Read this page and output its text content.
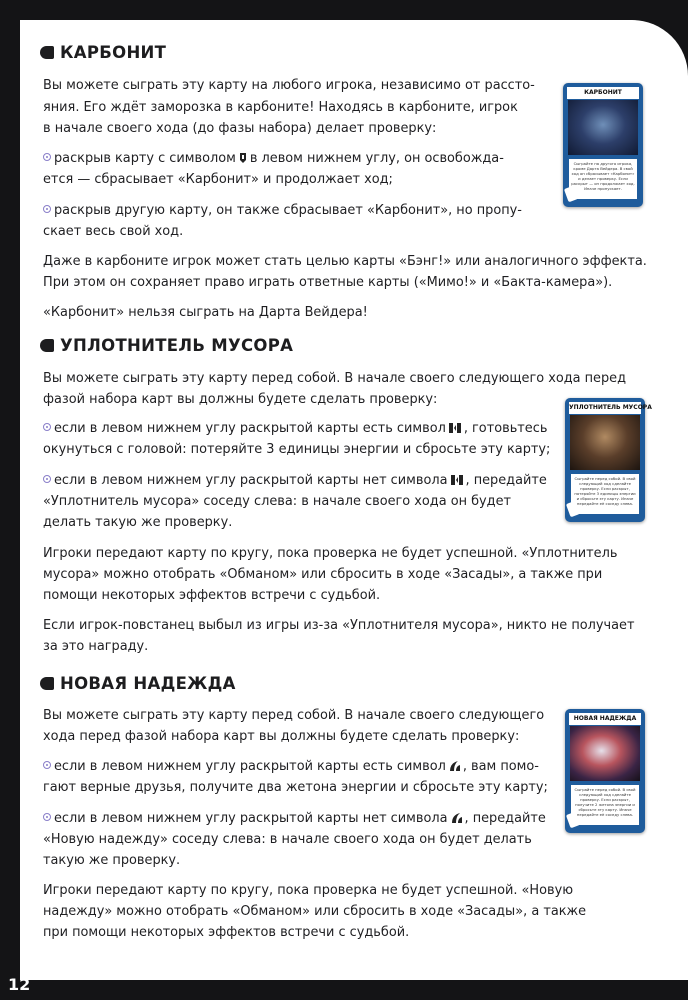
12
КАРБОНИТ

Вы можете сыграть эту карту на любого игрока, независимо от рассто-

яния. Его ждёт заморозка в карбоните! Находясь в карбоните, игрок

в начале своего хода (до фазы набора) делает проверку:

раскрыв карту с символом в левом нижнем углу, он освобожда-

ется — сбрасывает «Карбонит» и продолжает ход;

раскрыв другую карту, он также сбрасывает «Карбонит», но пропу-

скает весь свой ход.

Даже в карбоните игрок может стать целью карты «Бэнг!» или аналогичного эффекта.

При этом он сохраняет право играть ответные карты («Мимо!» и «Бакта-камера»).

«Карбонит» нельзя сыграть на Дарта Вейдера!

КАРБОНИТ
Сыграйте на другого игрока, кроме Дарта Вейдера. В свой ход он сбрасывает «Карбонит» и делает проверку. Если раскрыт — он продолжает ход. Иначе пропускает.
УПЛОТНИТЕЛЬ МУСОРА

Вы можете сыграть эту карту перед собой. В начале своего следующего хода перед

фазой набора карт вы должны будете сделать проверку:

если в левом нижнем углу раскрытой карты есть символ , готовьтесь

окунуться с головой: потеряйте 3 единицы энергии и сбросьте эту карту;

если в левом нижнем углу раскрытой карты нет символа , передайте

«Уплотнитель мусора» соседу слева: в начале своего хода он будет

делать такую же проверку.

Игроки передают карту по кругу, пока проверка не будет успешной. «Уплотнитель

мусора» можно отобрать «Обманом» или сбросить в ходе «Засады», а также при

помощи некоторых эффектов встречи с судьбой.

Если игрок-повстанец выбыл из игры из-за «Уплотнителя мусора», никто не получает

за это награду.

УПЛОТНИТЕЛЬ МУСОРА
Сыграйте перед собой. В свой следующий ход сделайте проверку. Если раскрыт, потеряйте 3 единицы энергии и сбросьте эту карту. Иначе передайте её соседу слева.
НОВАЯ НАДЕЖДА

Вы можете сыграть эту карту перед собой. В начале своего следующего

хода перед фазой набора карт вы должны будете сделать проверку:

если в левом нижнем углу раскрытой карты есть символ , вам помо-

гают верные друзья, получите два жетона энергии и сбросьте эту карту;

если в левом нижнем углу раскрытой карты нет символа , передайте

«Новую надежду» соседу слева: в начале своего хода он будет делать

такую же проверку.

Игроки передают карту по кругу, пока проверка не будет успешной. «Новую

надежду» можно отобрать «Обманом» или сбросить в ходе «Засады», а также

при помощи некоторых эффектов встречи с судьбой.

НОВАЯ НАДЕЖДА
Сыграйте перед собой. В свой следующий ход сделайте проверку. Если раскрыт, получите 2 жетона энергии и сбросьте эту карту. Иначе передайте её соседу слева.
